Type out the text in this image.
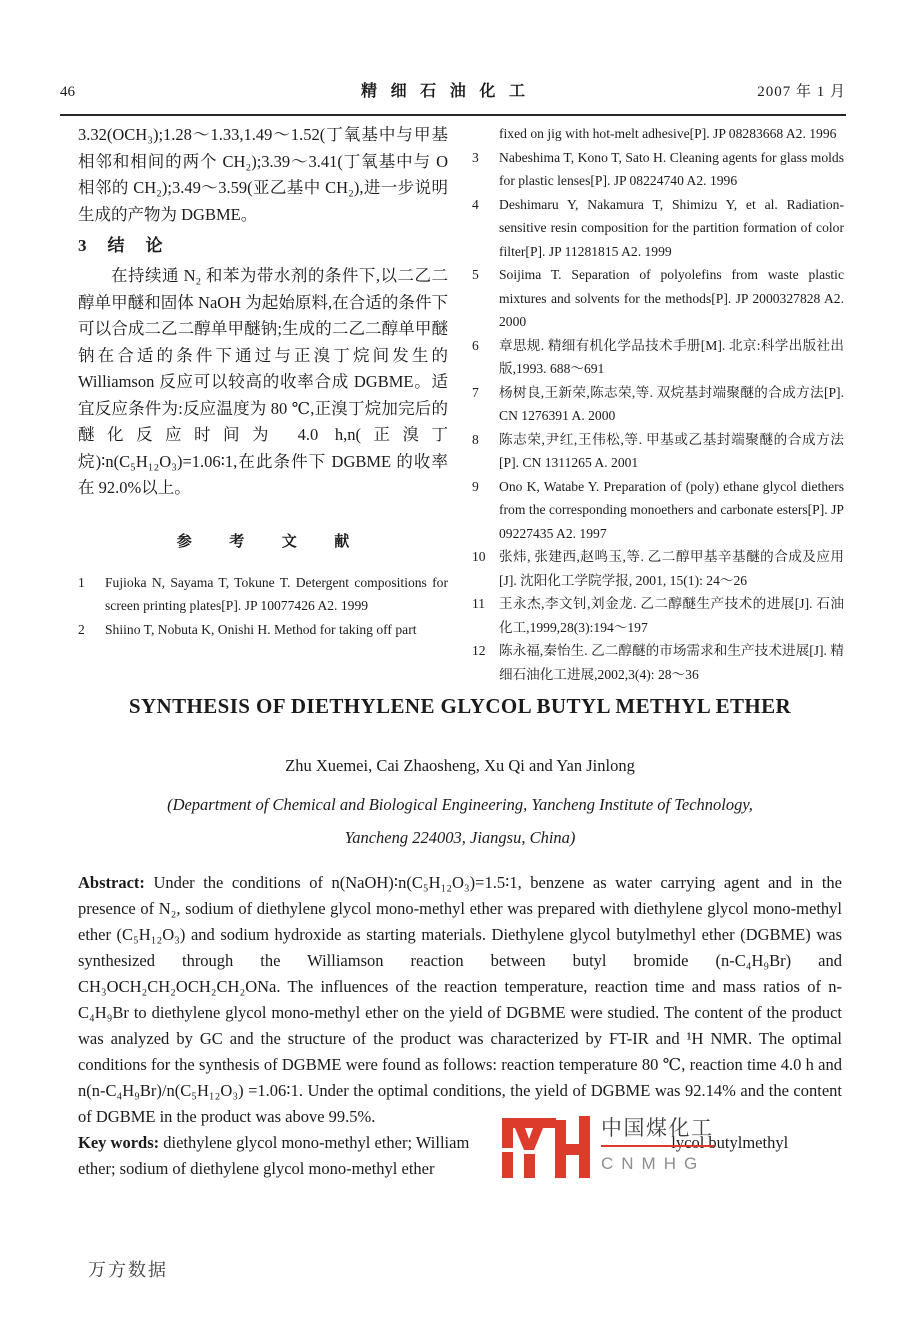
46	精细石油化工	2007 年 1 月

3.32(OCH₃);1.28～1.33,1.49～1.52(丁氧基中与甲基相邻和相间的两个 CH₂);3.39～3.41(丁氧基中与 O 相邻的 CH₂);3.49～3.59(亚乙基中 CH₂),进一步说明生成的产物为 DGBME。

3　结　论

在持续通 N₂ 和苯为带水剂的条件下,以二乙二醇单甲醚和固体 NaOH 为起始原料,在合适的条件下可以合成二乙二醇单甲醚钠;生成的二乙二醇单甲醚钠在合适的条件下通过与正溴丁烷间发生的 Williamson 反应可以较高的收率合成 DGBME。适宜反应条件为:反应温度为 80 ℃,正溴丁烷加完后的醚化反应时间为 4.0 h,n(正溴丁烷)∶n(C₅H₁₂O₃)=1.06∶1,在此条件下 DGBME 的收率在 92.0%以上。

参　考　文　献
1	Fujioka N, Sayama T, Tokune T. Detergent compositions for screen printing plates[P]. JP 10077426 A2. 1999
2	Shiino T, Nobuta K, Onishi H. Method for taking off part
fixed on jig with hot-melt adhesive[P]. JP 08283668 A2. 1996
3	Nabeshima T, Kono T, Sato H. Cleaning agents for glass molds for plastic lenses[P]. JP 08224740 A2. 1996
4	Deshimaru Y, Nakamura T, Shimizu Y, et al. Radiation-sensitive resin composition for the partition formation of color filter[P]. JP 11281815 A2. 1999
5	Soijima T. Separation of polyolefins from waste plastic mixtures and solvents for the methods[P]. JP 2000327828 A2. 2000
6	章思规. 精细有机化学品技术手册[M]. 北京:科学出版社出版,1993. 688～691
7	杨树良,王新荣,陈志荣,等. 双烷基封端聚醚的合成方法[P]. CN 1276391 A. 2000
8	陈志荣,尹红,王伟松,等. 甲基或乙基封端聚醚的合成方法[P]. CN 1311265 A. 2001
9	Ono K, Watabe Y. Preparation of (poly) ethane glycol diethers from the corresponding monoethers and carbonate esters[P]. JP 09227435 A2. 1997
10 张炜, 张建西,赵鸣玉,等. 乙二醇甲基辛基醚的合成及应用[J]. 沈阳化工学院学报, 2001, 15(1): 24～26
11	王永杰,李文钊,刘金龙. 乙二醇醚生产技术的进展[J]. 石油化工,1999,28(3):194～197
12 陈永福,秦怡生. 乙二醇醚的市场需求和生产技术进展[J]. 精细石油化工进展,2002,3(4): 28～36
SYNTHESIS OF DIETHYLENE GLYCOL BUTYL METHYL ETHER
Zhu Xuemei, Cai Zhaosheng, Xu Qi and Yan Jinlong
(Department of Chemical and Biological Engineering, Yancheng Institute of Technology,
Yancheng 224003, Jiangsu, China)

Abstract: Under the conditions of n(NaOH)∶n(C₅H₁₂O₃)=1.5∶1, benzene as water carrying agent and in the presence of N₂, sodium of diethylene glycol mono-methyl ether was prepared with diethylene glycol mono-methyl ether (C₅H₁₂O₃) and sodium hydroxide as starting materials. Diethylene glycol butylmethyl ether (DGBME) was synthesized through the Williamson reaction between butyl bromide (n-C₄H₉Br) and CH₃OCH₂CH₂OCH₂CH₂ONa. The influences of the reaction temperature, reaction time and mass ratios of n-C₄H₉Br to diethylene glycol mono-methyl ether on the yield of DGBME were studied. The content of the product was analyzed by GC and the structure of the product was characterized by FT-IR and ¹H NMR. The optimal conditions for the synthesis of DGBME were found as follows: reaction temperature 80 ℃, reaction time 4.0 h and n(n-C₄H₉Br)/n(C₅H₁₂O₃) =1.06∶1. Under the optimal conditions, the yield of DGBME was 92.14% and the content of DGBME in the product was above 99.5%.

Key words: diethylene glycol mono-methyl ether; William	lycol butylmethyl
ether; sodium of diethylene glycol mono-methyl ether
中国煤化工
CNMHG
万方数据
